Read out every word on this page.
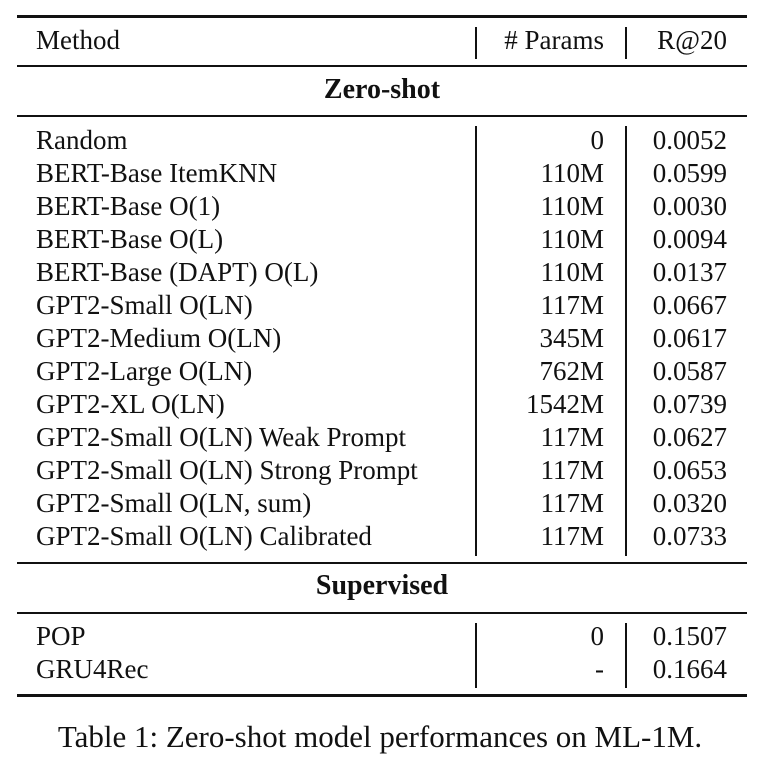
Method	# Params R@20
Zero-shot
Supervised
Random	0 0.0052
BERT-Base ItemKNN	110M 0.0599
BERT-Base O(1)	110M 0.0030
BERT-Base O(L)	110M 0.0094
BERT-Base (DAPT) O(L)	110M 0.0137
GPT2-Small O(LN)	117M 0.0667
GPT2-Medium O(LN)	345M 0.0617
GPT2-Large O(LN)	762M 0.0587
GPT2-XL O(LN)	1542M 0.0739
GPT2-Small O(LN) Weak Prompt	117M 0.0627
GPT2-Small O(LN) Strong Prompt	117M 0.0653
GPT2-Small O(LN, sum)	117M 0.0320
GPT2-Small O(LN) Calibrated	117M 0.0733
POP	0 0.1507
GRU4Rec	- 0.1664
Table 1: Zero-shot model performances on ML-1M.
